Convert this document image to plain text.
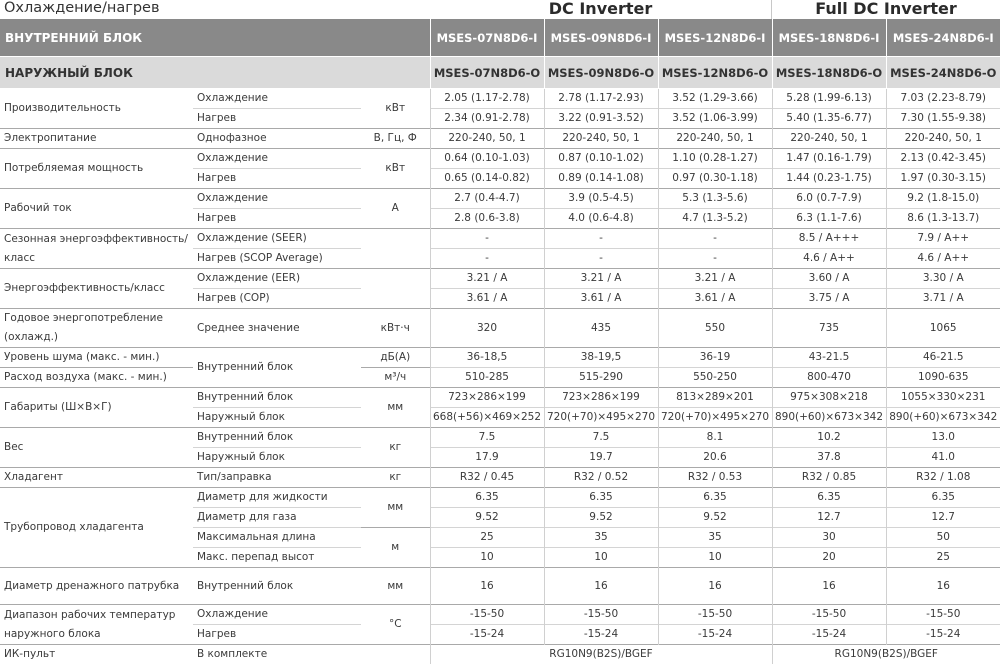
Охлаждение/нагрев	DC Inverter	Full DC Inverter
ВНУТРЕННИЙ БЛОК			MSES-07N8D6-I	MSES-09N8D6-I	MSES-12N8D6-I	MSES-18N8D6-I	MSES-24N8D6-I
НАРУЖНЫЙ БЛОК			MSES-07N8D6-O	MSES-09N8D6-O	MSES-12N8D6-O	MSES-18N8D6-O	MSES-24N8D6-O
Производительность	Охлаждение	кВт	2.05 (1.17-2.78)	2.78 (1.17-2.93)	3.52 (1.29-3.66)	5.28 (1.99-6.13)	7.03 (2.23-8.79)
	Нагрев		2.34 (0.91-2.78)	3.22 (0.91-3.52)	3.52 (1.06-3.99)	5.40 (1.35-6.77)	7.30 (1.55-9.38)
Электропитание	Однофазное	В, Гц, Ф	220-240, 50, 1	220-240, 50, 1	220-240, 50, 1	220-240, 50, 1	220-240, 50, 1
Потребляемая мощность	Охлаждение	кВт	0.64 (0.10-1.03)	0.87 (0.10-1.02)	1.10 (0.28-1.27)	1.47 (0.16-1.79)	2.13 (0.42-3.45)
	Нагрев		0.65 (0.14-0.82)	0.89 (0.14-1.08)	0.97 (0.30-1.18)	1.44 (0.23-1.75)	1.97 (0.30-3.15)
Рабочий ток	Охлаждение	А	2.7 (0.4-4.7)	3.9 (0.5-4.5)	5.3 (1.3-5.6)	6.0 (0.7-7.9)	9.2 (1.8-15.0)
	Нагрев		2.8 (0.6-3.8)	4.0 (0.6-4.8)	4.7 (1.3-5.2)	6.3 (1.1-7.6)	8.6 (1.3-13.7)
Сезонная энергоэффективность/класс	Охлаждение (SEER)		-	-	-	8.5 / A+++	7.9 / A++
	Нагрев (SCOP Average)		-	-	-	4.6 / A++	4.6 / A++
Энергоэффективность/класс	Охлаждение (EER)		3.21 / A	3.21 / A	3.21 / A	3.60 / A	3.30 / A
	Нагрев (COP)		3.61 / A	3.61 / A	3.61 / A	3.75 / A	3.71 / A
Годовое энергопотребление (охлажд.)	Среднее значение	кВт·ч	320	435	550	735	1065
Уровень шума (макс. - мин.)	Внутренний блок	дБ(А)	36-18,5	38-19,5	36-19	43-21.5	46-21.5
Расход воздуха (макс. - мин.)		м³/ч	510-285	515-290	550-250	800-470	1090-635
Габариты (Ш×В×Г)	Внутренний блок	мм	723×286×199	723×286×199	813×289×201	975×308×218	1055×330×231
	Наружный блок		668(+56)×469×252	720(+70)×495×270	720(+70)×495×270	890(+60)×673×342	890(+60)×673×342
Вес	Внутренний блок	кг	7.5	7.5	8.1	10.2	13.0
	Наружный блок		17.9	19.7	20.6	37.8	41.0
Хладагент	Тип/заправка	кг	R32 / 0.45	R32 / 0.52	R32 / 0.53	R32 / 0.85	R32 / 1.08
Трубопровод хладагента	Диаметр для жидкости	мм	6.35	6.35	6.35	6.35	6.35
	Диаметр для газа		9.52	9.52	9.52	12.7	12.7
	Максимальная длина	м	25	35	35	30	50
	Макс. перепад высот		10	10	10	20	25
Диаметр дренажного патрубка	Внутренний блок	мм	16	16	16	16	16
Диапазон рабочих температур наружного блока	Охлаждение	°С	-15-50	-15-50	-15-50	-15-50	-15-50
	Нагрев		-15-24	-15-24	-15-24	-15-24	-15-24
ИК-пульт	В комплекте		RG10N9(B2S)/BGEF			RG10N9(B2S)/BGEF	
